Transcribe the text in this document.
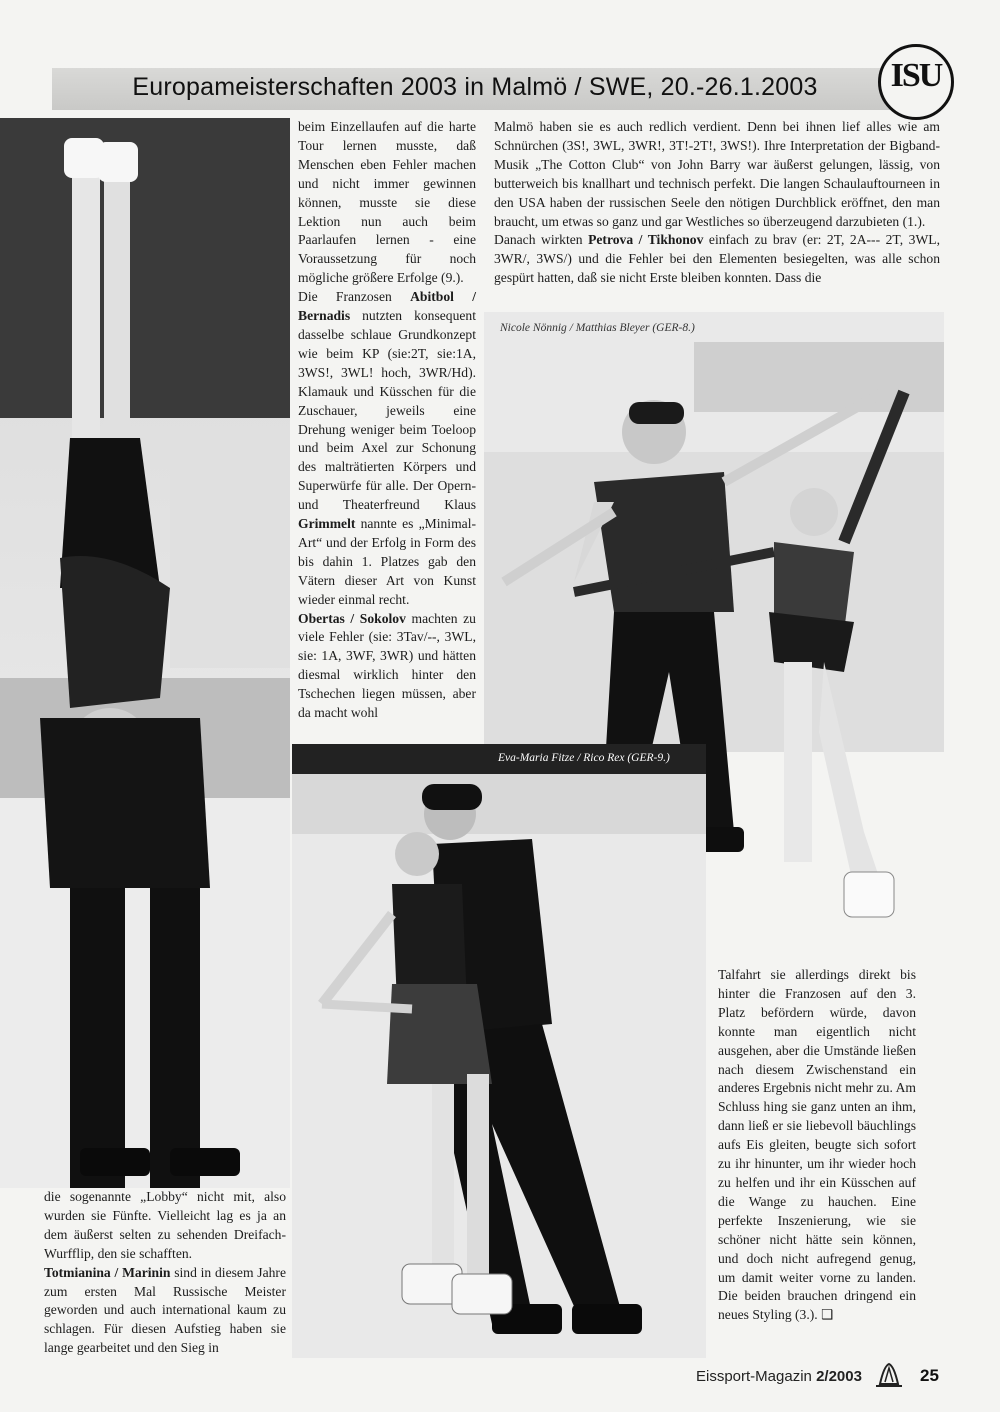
Europameisterschaften 2003 in Malmö / SWE, 20.-26.1.2003	ISU

beim Einzellaufen auf die harte Tour lernen musste, daß Menschen eben Fehler machen und nicht immer gewinnen können, musste sie diese Lektion nun auch beim Paarlaufen lernen - eine Voraussetzung für noch mögliche größere Erfolge (9.).

Die Franzosen Abitbol / Bernadis nutzten konsequent dasselbe schlaue Grundkonzept wie beim KP (sie:2T, sie:1A, 3WS!, 3WL! hoch, 3WR/Hd). Klamauk und Küsschen für die Zuschauer, jeweils eine Drehung weniger beim Toeloop und beim Axel zur Schonung des malträtierten Körpers und Superwürfe für alle. Der Opern- und Theaterfreund Klaus Grimmelt nannte es „Minimal-Art“ und der Erfolg in Form des bis dahin 1. Platzes gab den Vätern dieser Art von Kunst wieder einmal recht.

Obertas / Sokolov machten zu viele Fehler (sie: 3Tav/--, 3WL, sie: 1A, 3WF, 3WR) und hätten diesmal wirklich hinter den Tschechen liegen müssen, aber da macht wohl

Malmö haben sie es auch redlich verdient. Denn bei ihnen lief alles wie am Schnürchen (3S!, 3WL, 3WR!, 3T!-2T!, 3WS!). Ihre Interpretation der Bigband-Musik „The Cotton Club“ von John Barry war äußerst gelungen, lässig, von butterweich bis knallhart und technisch perfekt. Die langen Schaulauftourneen in den USA haben der russischen Seele den nötigen Durchblick eröffnet, den man braucht, um etwas so ganz und gar Westliches so überzeugend darzubieten (1.).

Danach wirkten Petrova / Tikhonov einfach zu brav (er: 2T, 2A--- 2T, 3WL, 3WR/, 3WS/) und die Fehler bei den Elementen besiegelten, was alle schon gespürt hatten, daß sie nicht Erste bleiben konnten. Dass die

Nicole Nönnig / Matthias Bleyer (GER-8.)
Eva-Maria Fitze / Rico Rex (GER-9.)

die sogenannte „Lobby“ nicht mit, also wurden sie Fünfte. Vielleicht lag es ja an dem äußerst selten zu sehenden Dreifach-Wurfflip, den sie schafften.

Totmianina / Marinin sind in diesem Jahre zum ersten Mal Russische Meister geworden und auch international kaum zu schlagen. Für diesen Aufstieg haben sie lange gearbeitet und den Sieg in

Talfahrt sie allerdings direkt bis hinter die Franzosen auf den 3. Platz befördern würde, davon konnte man eigentlich nicht ausgehen, aber die Umstände ließen nach diesem Zwischenstand ein anderes Ergebnis nicht mehr zu. Am Schluss hing sie ganz unten an ihm, dann ließ er sie liebevoll bäuchlings aufs Eis gleiten, beugte sich sofort zu ihr hinunter, um ihr wieder hoch zu helfen und ihr ein Küsschen auf die Wange zu hauchen. Eine perfekte Inszenierung, wie sie schöner nicht hätte sein können, und doch nicht aufregend genug, um damit weiter vorne zu landen. Die beiden brauchen dringend ein neues Styling (3.). ❑

Eissport-Magazin 2/2003	25
